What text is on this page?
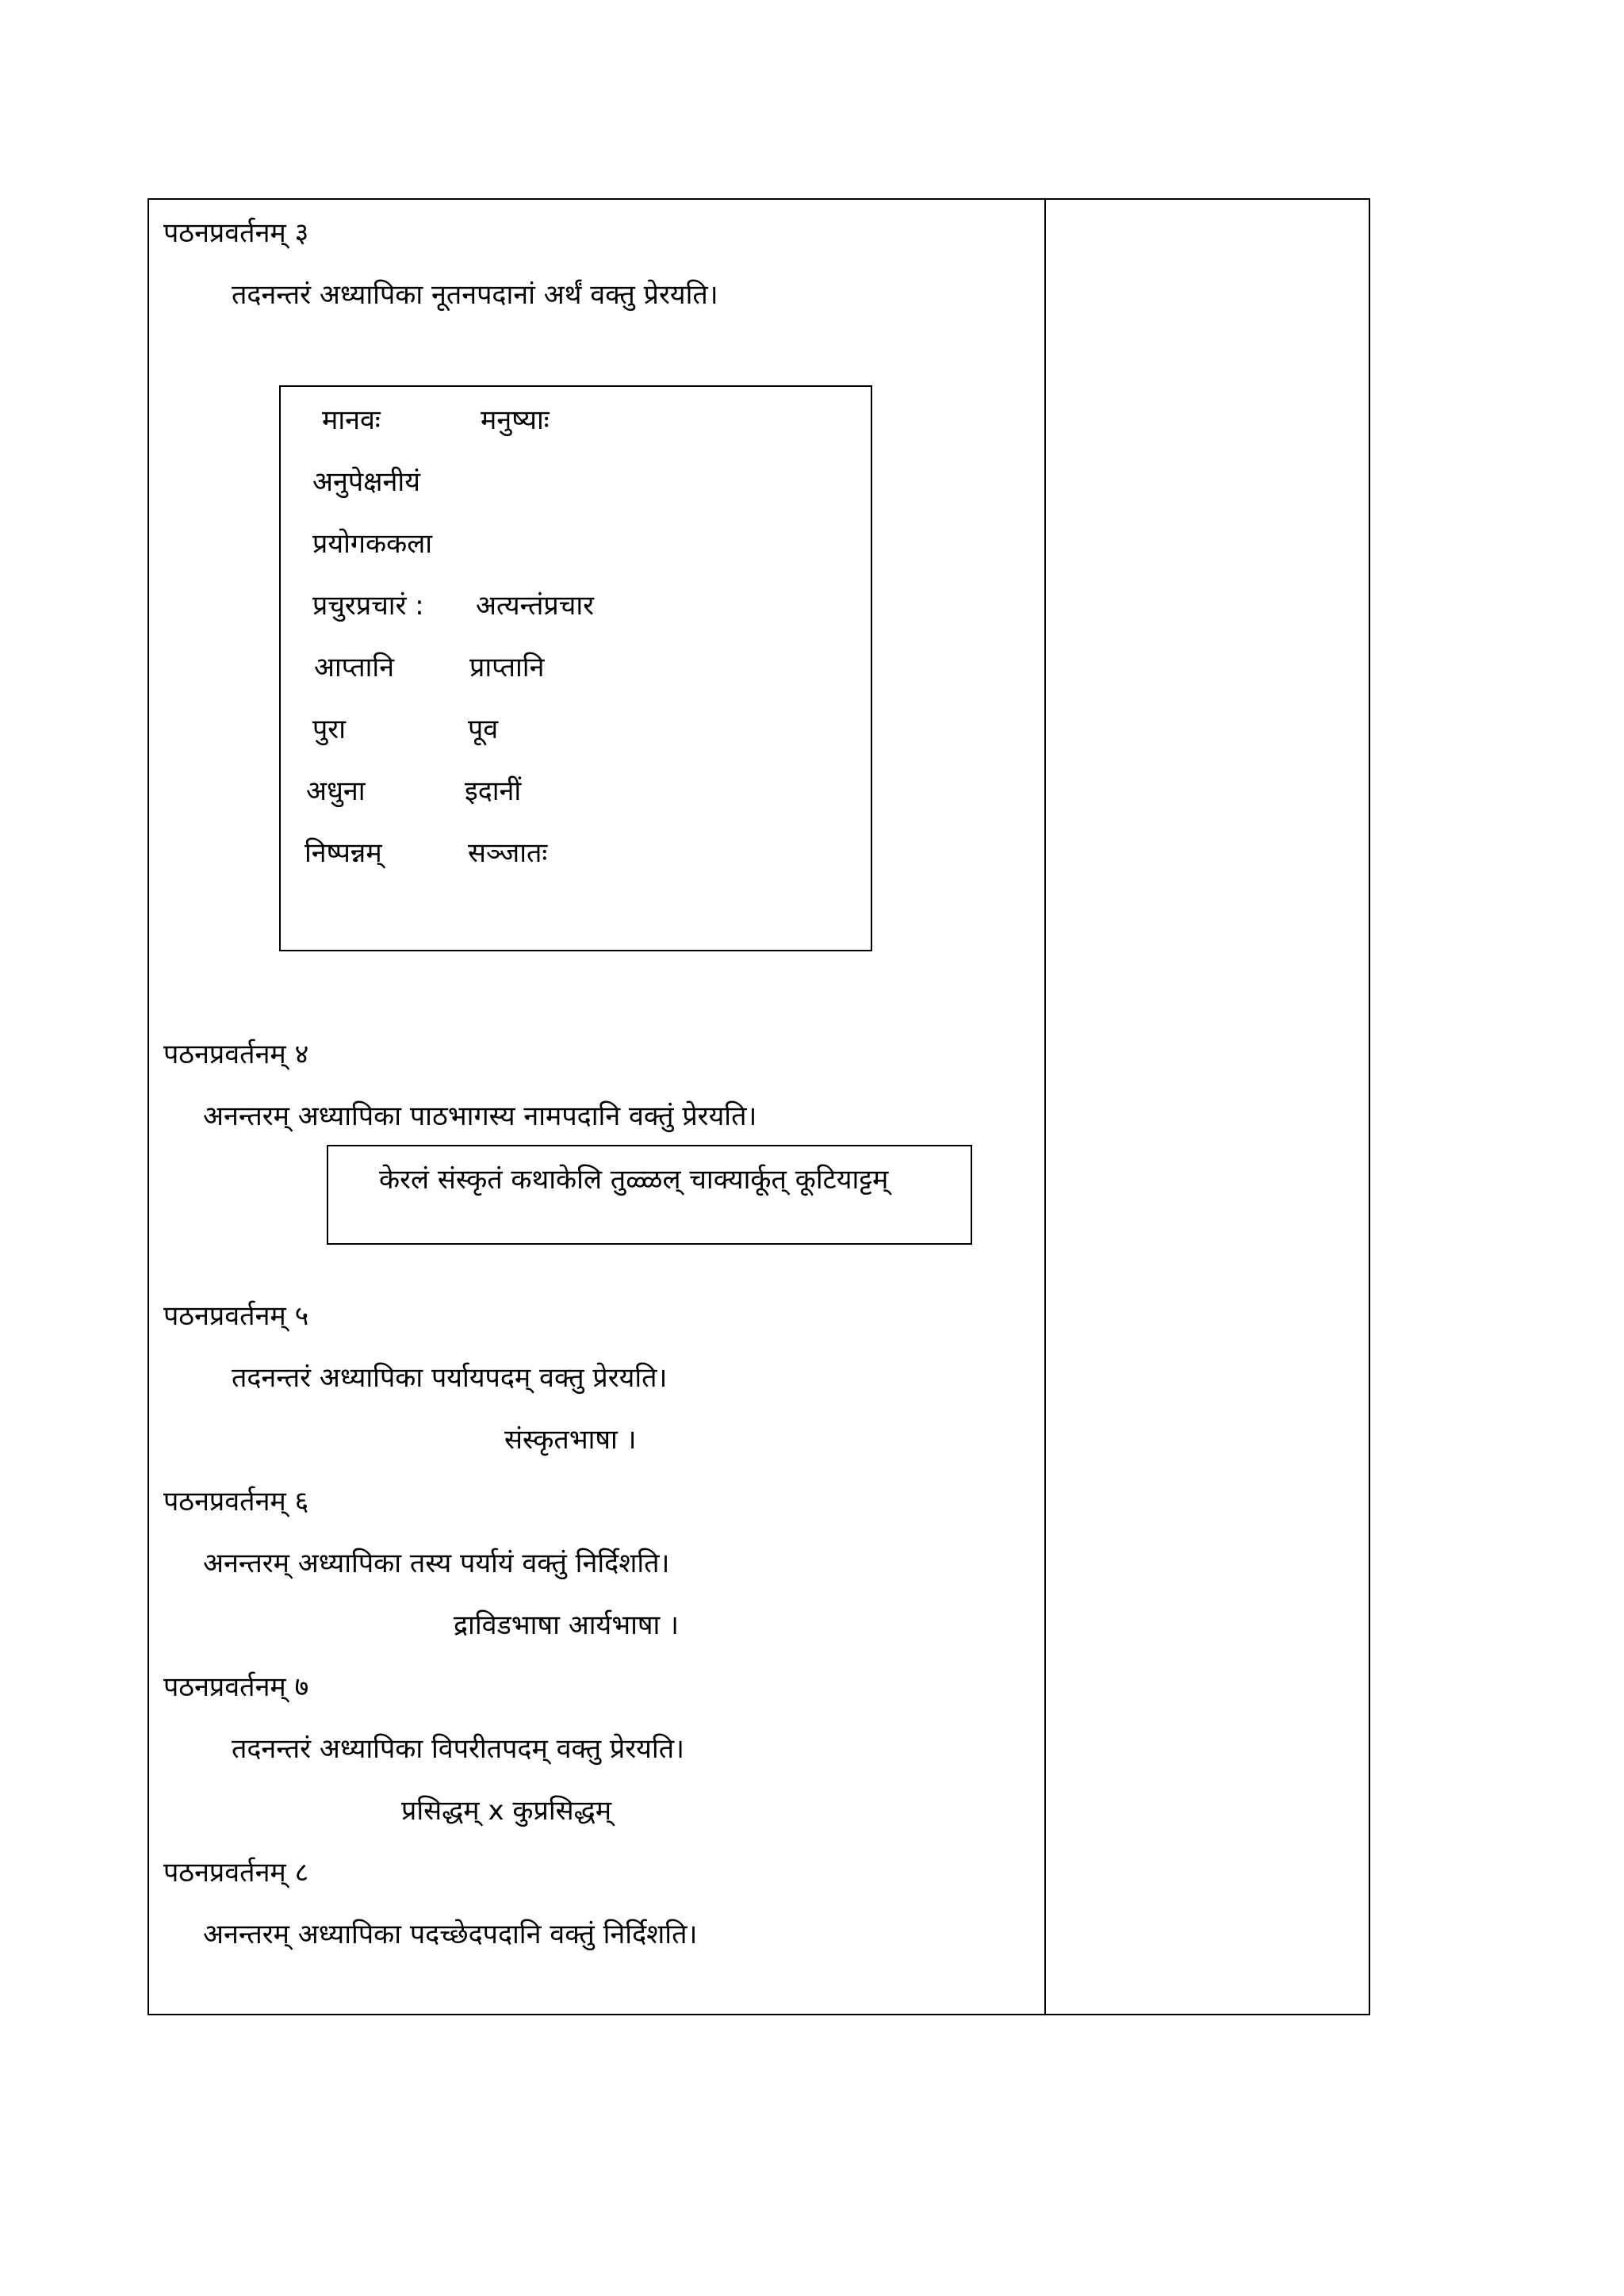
पठनप्रवर्तनम् ३
तदनन्तरं अध्यापिका नूतनपदानां अर्थं वक्तु प्रेरयति।
मानवः	मनुष्याः
अनुपेक्षनीयं
प्रयोगककला
प्रचुरप्रचारं : अत्यन्तंप्रचार
आप्तानि	प्राप्तानि
पुरा	पूव
अधुना	इदानीं
निष्पन्नम्	सञ्जातः
पठनप्रवर्तनम् ४
अनन्तरम् अध्यापिका पाठभागस्य नामपदानि वक्तुं प्रेरयति।
केरलं संस्कृतं कथाकेलि तुळ्ळल् चाक्यार्कूत् कूटियाट्टम्
पठनप्रवर्तनम् ५
तदनन्तरं अध्यापिका पर्यायपदम् वक्तु प्रेरयति।
संस्कृतभाषा ।
पठनप्रवर्तनम् ६
अनन्तरम् अध्यापिका तस्य पर्यायं वक्तुं निर्दिशति।
द्राविडभाषा आर्यभाषा ।
पठनप्रवर्तनम् ७
तदनन्तरं अध्यापिका विपरीतपदम् वक्तु प्रेरयति।
प्रसिद्धम् x कुप्रसिद्धम्
पठनप्रवर्तनम् ८
अनन्तरम् अध्यापिका पदच्छेदपदानि वक्तुं निर्दिशति।
